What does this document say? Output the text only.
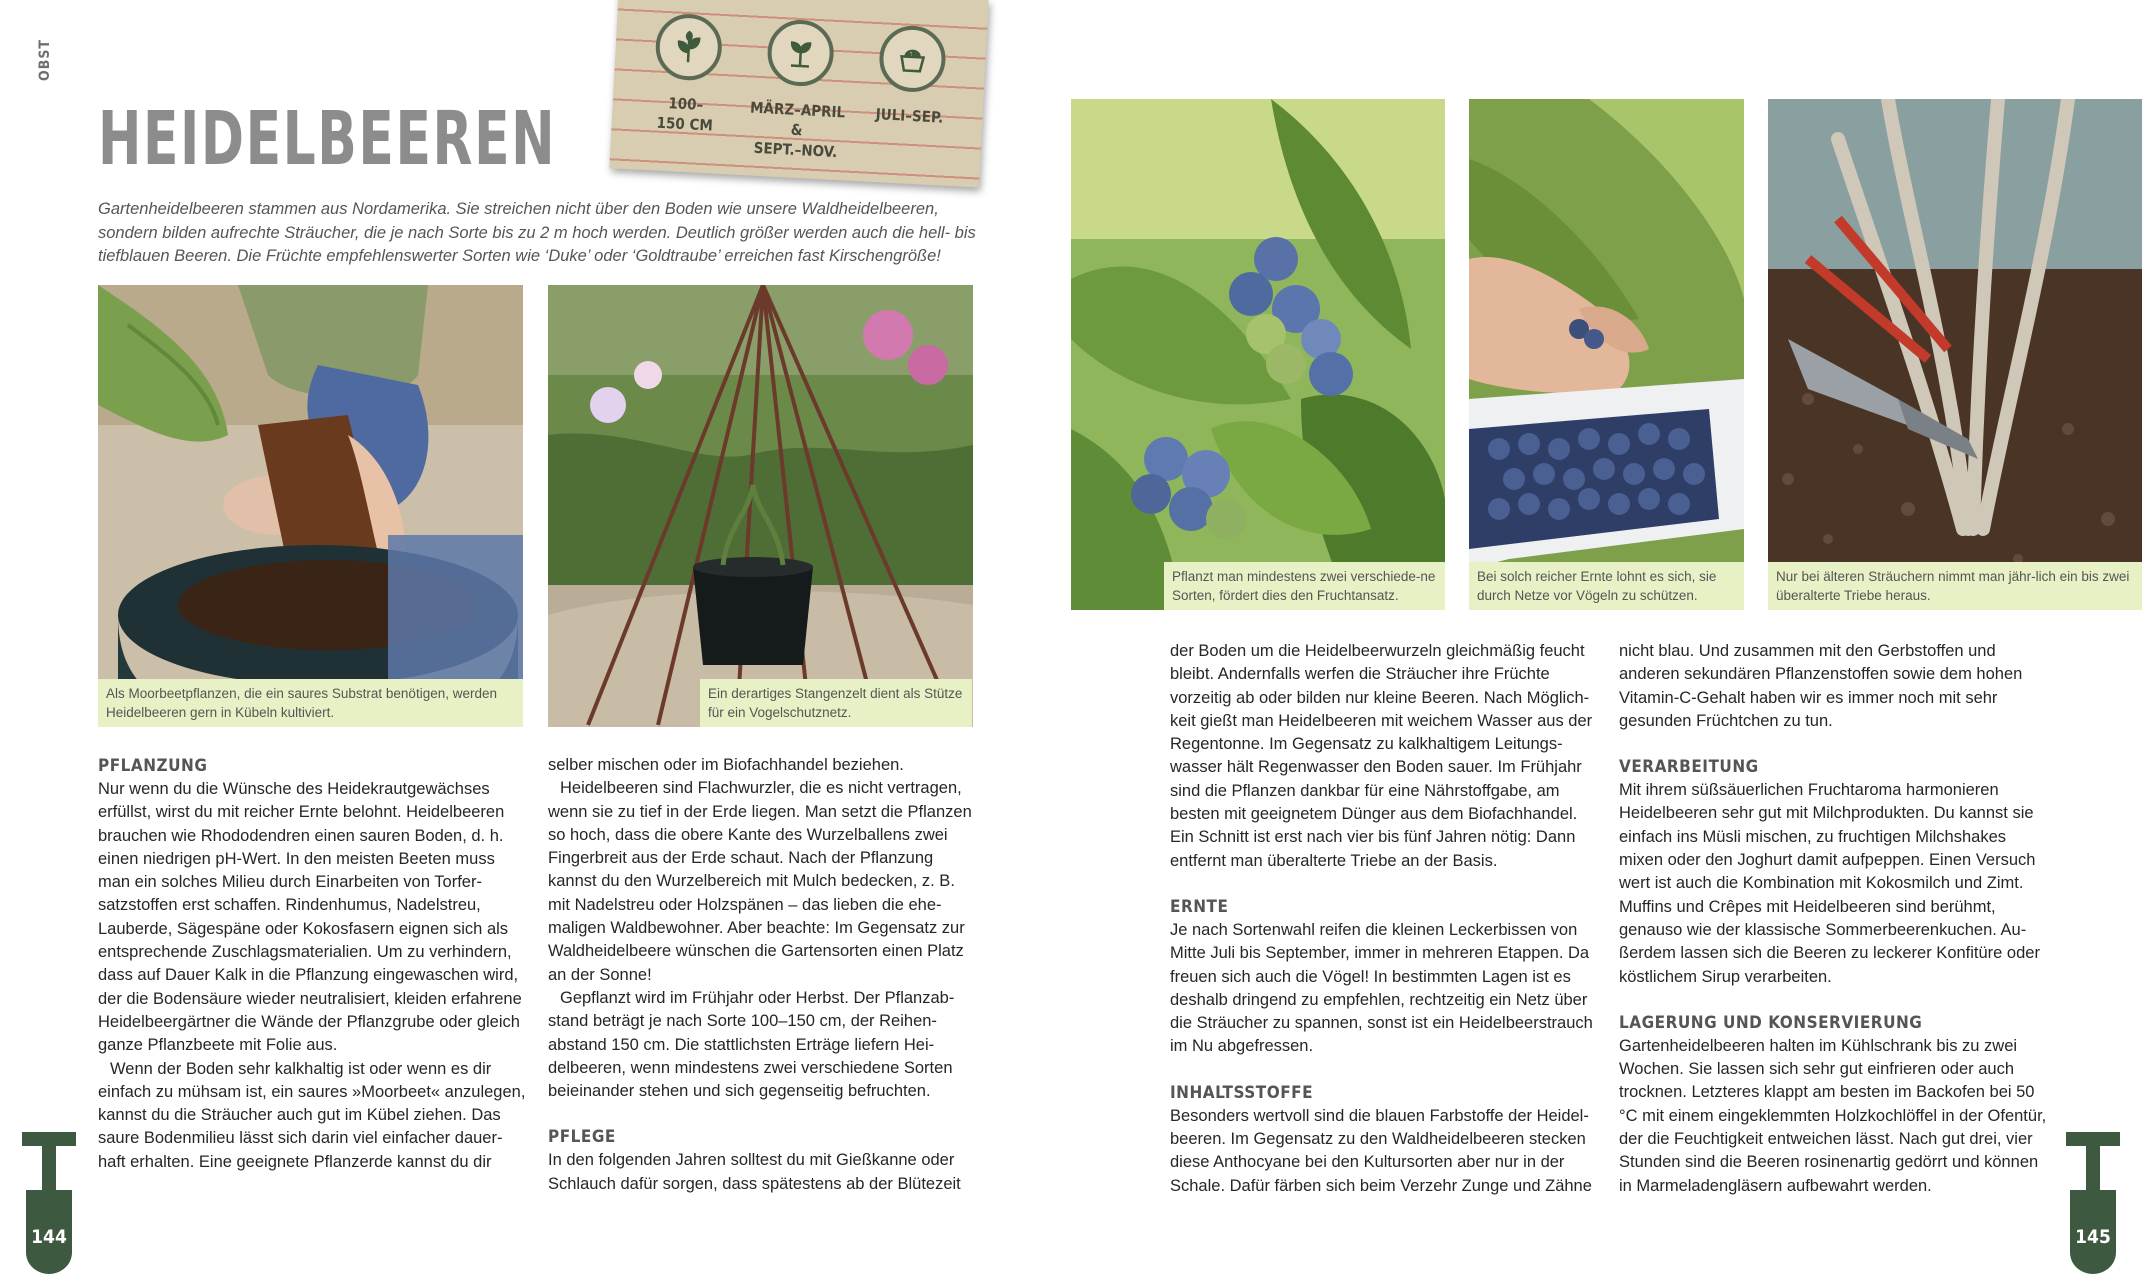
OBST
HEIDELBEEREN	100–
150 CM
MÄRZ–APRIL &
SEPT.–NOV.
JULI–SEP.
Gartenheidelbeeren stammen aus Nordamerika. Sie streichen nicht über den Boden wie unsere Waldheidelbeeren, sondern bilden aufrechte Sträucher, die je nach Sorte bis zu 2 m hoch werden. Deutlich größer werden auch die hell- bis tiefblauen Beeren. Die Früchte empfehlenswerter Sorten wie ‘Duke’ oder ‘Goldtraube’ erreichen fast Kirschengröße!
Als Moorbeetpflanzen, die ein saures Substrat benötigen, werden Heidelbeeren gern in Kübeln kultiviert.
Ein derartiges Stangenzelt dient als Stütze für ein Vogelschutznetz.
PFLANZUNG

Nur wenn du die Wünsche des Heidekrautgewächses erfüllst, wirst du mit reicher Ernte belohnt. Heidelbeeren brauchen wie Rhododendren einen sauren Boden, d. h. einen niedrigen pH-Wert. In den meisten Beeten muss man ein solches Milieu durch Einarbeiten von Torfer-satzstoffen erst schaffen. Rindenhumus, Nadelstreu, Lauberde, Sägespäne oder Kokosfasern eignen sich als entsprechende Zuschlagsmaterialien. Um zu verhindern, dass auf Dauer Kalk in die Pflanzung eingewaschen wird, der die Bodensäure wieder neutralisiert, kleiden erfahrene Heidelbeergärtner die Wände der Pflanzgrube oder gleich ganze Pflanzbeete mit Folie aus.

Wenn der Boden sehr kalkhaltig ist oder wenn es dir einfach zu mühsam ist, ein saures »Moorbeet« anzulegen, kannst du die Sträucher auch gut im Kübel ziehen. Das saure Bodenmilieu lässt sich darin viel einfacher dauer-haft erhalten. Eine geeignete Pflanzerde kannst du dir

selber mischen oder im Biofachhandel beziehen.

Heidelbeeren sind Flachwurzler, die es nicht vertragen, wenn sie zu tief in der Erde liegen. Man setzt die Pflanzen so hoch, dass die obere Kante des Wurzelballens zwei Fingerbreit aus der Erde schaut. Nach der Pflanzung kannst du den Wurzelbereich mit Mulch bedecken, z. B. mit Nadelstreu oder Holzspänen – das lieben die ehe-maligen Waldbewohner. Aber beachte: Im Gegensatz zur Waldheidelbeere wünschen die Gartensorten einen Platz an der Sonne!

Gepflanzt wird im Frühjahr oder Herbst. Der Pflanzab-stand beträgt je nach Sorte 100–150 cm, der Reihen-abstand 150 cm. Die stattlichsten Erträge liefern Hei-delbeeren, wenn mindestens zwei verschiedene Sorten beieinander stehen und sich gegenseitig befruchten.

PFLEGE

In den folgenden Jahren solltest du mit Gießkanne oder Schlauch dafür sorgen, dass spätestens ab der Blütezeit

144
Pflanzt man mindestens zwei verschiede-ne Sorten, fördert dies den Fruchtansatz.
Bei solch reicher Ernte lohnt es sich, sie durch Netze vor Vögeln zu schützen.
Nur bei älteren Sträuchern nimmt man jähr-lich ein bis zwei überalterte Triebe heraus.

der Boden um die Heidelbeerwurzeln gleichmäßig feucht bleibt. Andernfalls werfen die Sträucher ihre Früchte vorzeitig ab oder bilden nur kleine Beeren. Nach Möglich-keit gießt man Heidelbeeren mit weichem Wasser aus der Regentonne. Im Gegensatz zu kalkhaltigem Leitungs-wasser hält Regenwasser den Boden sauer. Im Frühjahr sind die Pflanzen dankbar für eine Nährstoffgabe, am besten mit geeignetem Dünger aus dem Biofachhandel. Ein Schnitt ist erst nach vier bis fünf Jahren nötig: Dann entfernt man überalterte Triebe an der Basis.

ERNTE

Je nach Sortenwahl reifen die kleinen Leckerbissen von Mitte Juli bis September, immer in mehreren Etappen. Da freuen sich auch die Vögel! In bestimmten Lagen ist es deshalb dringend zu empfehlen, rechtzeitig ein Netz über die Sträucher zu spannen, sonst ist ein Heidelbeerstrauch im Nu abgefressen.

INHALTSSTOFFE

Besonders wertvoll sind die blauen Farbstoffe der Heidel-beeren. Im Gegensatz zu den Waldheidelbeeren stecken diese Anthocyane bei den Kultursorten aber nur in der Schale. Dafür färben sich beim Verzehr Zunge und Zähne

nicht blau. Und zusammen mit den Gerbstoffen und anderen sekundären Pflanzenstoffen sowie dem hohen Vitamin-C-Gehalt haben wir es immer noch mit sehr gesunden Früchtchen zu tun.

VERARBEITUNG

Mit ihrem süßsäuerlichen Fruchtaroma harmonieren Heidelbeeren sehr gut mit Milchprodukten. Du kannst sie einfach ins Müsli mischen, zu fruchtigen Milchshakes mixen oder den Joghurt damit aufpeppen. Einen Versuch wert ist auch die Kombination mit Kokosmilch und Zimt. Muffins und Crêpes mit Heidelbeeren sind berühmt, genauso wie der klassische Sommerbeerenkuchen. Au-ßerdem lassen sich die Beeren zu leckerer Konfitüre oder köstlichem Sirup verarbeiten.

LAGERUNG UND KONSERVIERUNG

Gartenheidelbeeren halten im Kühlschrank bis zu zwei Wochen. Sie lassen sich sehr gut einfrieren oder auch trocknen. Letzteres klappt am besten im Backofen bei 50 °C mit einem eingeklemmten Holzkochlöffel in der Ofentür, der die Feuchtigkeit entweichen lässt. Nach gut drei, vier Stunden sind die Beeren rosinenartig gedörrt und können in Marmeladengläsern aufbewahrt werden.

145
